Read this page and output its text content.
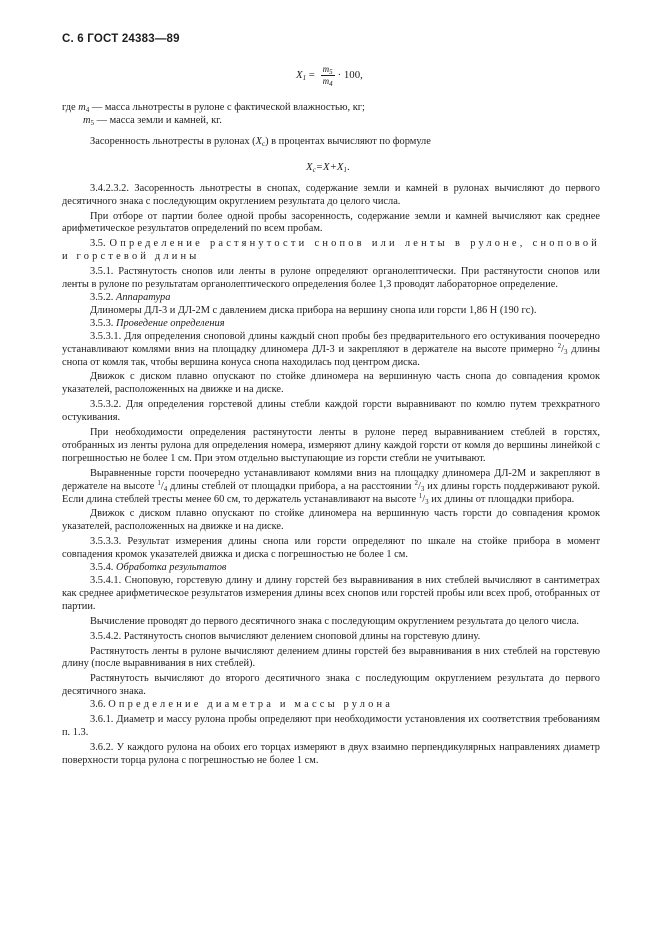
С. 6 ГОСТ 24383—89
$X_1 = \frac{m_5}{m_4} \cdot 100$,
$X_с=X+X_1$.

где $m_4$ — масса льнотресты в рулоне с фактической влажностью, кг;

$m_5$ — масса земли и камней, кг.

Засоренность льнотресты в рулонах $(X_с)$ в процентах вычисляют по формуле

3.4.2.3.2. Засоренность льнотресты в снопах, содержание земли и камней в рулонах вычисляют до первого десятичного знака с последующим округлением результата до целого числа.

При отборе от партии более одной пробы засоренность, содержание земли и камней вычисляют как среднее арифметическое результатов определений по всем пробам.

3.5. Определение растянутости снопов или ленты в рулоне, сноповой и горстевой длины

3.5.1. Растянутость снопов или ленты в рулоне определяют органолептически. При растянутости снопов или ленты в рулоне по результатам органолептического определения более 1,3 проводят лабораторное определение.

3.5.2. Аппаратура

Длиномеры ДЛ-3 и ДЛ-2М с давлением диска прибора на вершину снопа или горсти 1,86 Н (190 гс).

3.5.3. Проведение определения

3.5.3.1. Для определения сноповой длины каждый сноп пробы без предварительного его остукивания поочередно устанавливают комлями вниз на площадку длиномера ДЛ-3 и закрепляют в держателе на высоте примерно $^2/_3$ длины снопа от комля так, чтобы вершина конуса снопа находилась под центром диска.

Движок с диском плавно опускают по стойке длиномера на вершинную часть снопа до совпадения кромок указателей, расположенных на движке и на диске.

3.5.3.2. Для определения горстевой длины стебли каждой горсти выравнивают по комлю путем трехкратного остукивания.

При необходимости определения растянутости ленты в рулоне перед выравниванием стеблей в горстях, отобранных из ленты рулона для определения номера, измеряют длину каждой горсти от комля до вершины линейкой с погрешностью не более 1 см. При этом отдельно выступающие из горсти стебли не учитывают.

Выравненные горсти поочередно устанавливают комлями вниз на площадку длиномера ДЛ-2М и закрепляют в держателе на высоте $^1/_4$ длины стеблей от площадки прибора, а на расстоянии $^2/_3$ их длины горсть поддерживают рукой. Если длина стеблей тресты менее 60 см, то держатель устанавливают на высоте $^1/_3$ их длины от площадки прибора.

Движок с диском плавно опускают по стойке длиномера на вершинную часть горсти до совпадения кромок указателей, расположенных на движке и на диске.

3.5.3.3. Результат измерения длины снопа или горсти определяют по шкале на стойке прибора в момент совпадения кромок указателей движка и диска с погрешностью не более 1 см.

3.5.4. Обработка результатов

3.5.4.1. Сноповую, горстевую длину и длину горстей без выравнивания в них стеблей вычисляют в сантиметрах как среднее арифметическое результатов измерения длины всех снопов или горстей пробы или всех проб, отобранных от партии.

Вычисление проводят до первого десятичного знака с последующим округлением результата до целого числа.

3.5.4.2. Растянутость снопов вычисляют делением сноповой длины на горстевую длину.

Растянутость ленты в рулоне вычисляют делением длины горстей без выравнивания в них стеблей на горстевую длину (после выравнивания в них стеблей).

Растянутость вычисляют до второго десятичного знака с последующим округлением результата до первого десятичного знака.

3.6. Определение диаметра и массы рулона

3.6.1. Диаметр и массу рулона пробы определяют при необходимости установления их соответствия требованиям п. 1.3.

3.6.2. У каждого рулона на обоих его торцах измеряют в двух взаимно перпендикулярных направлениях диаметр поверхности торца рулона с погрешностью не более 1 см.
